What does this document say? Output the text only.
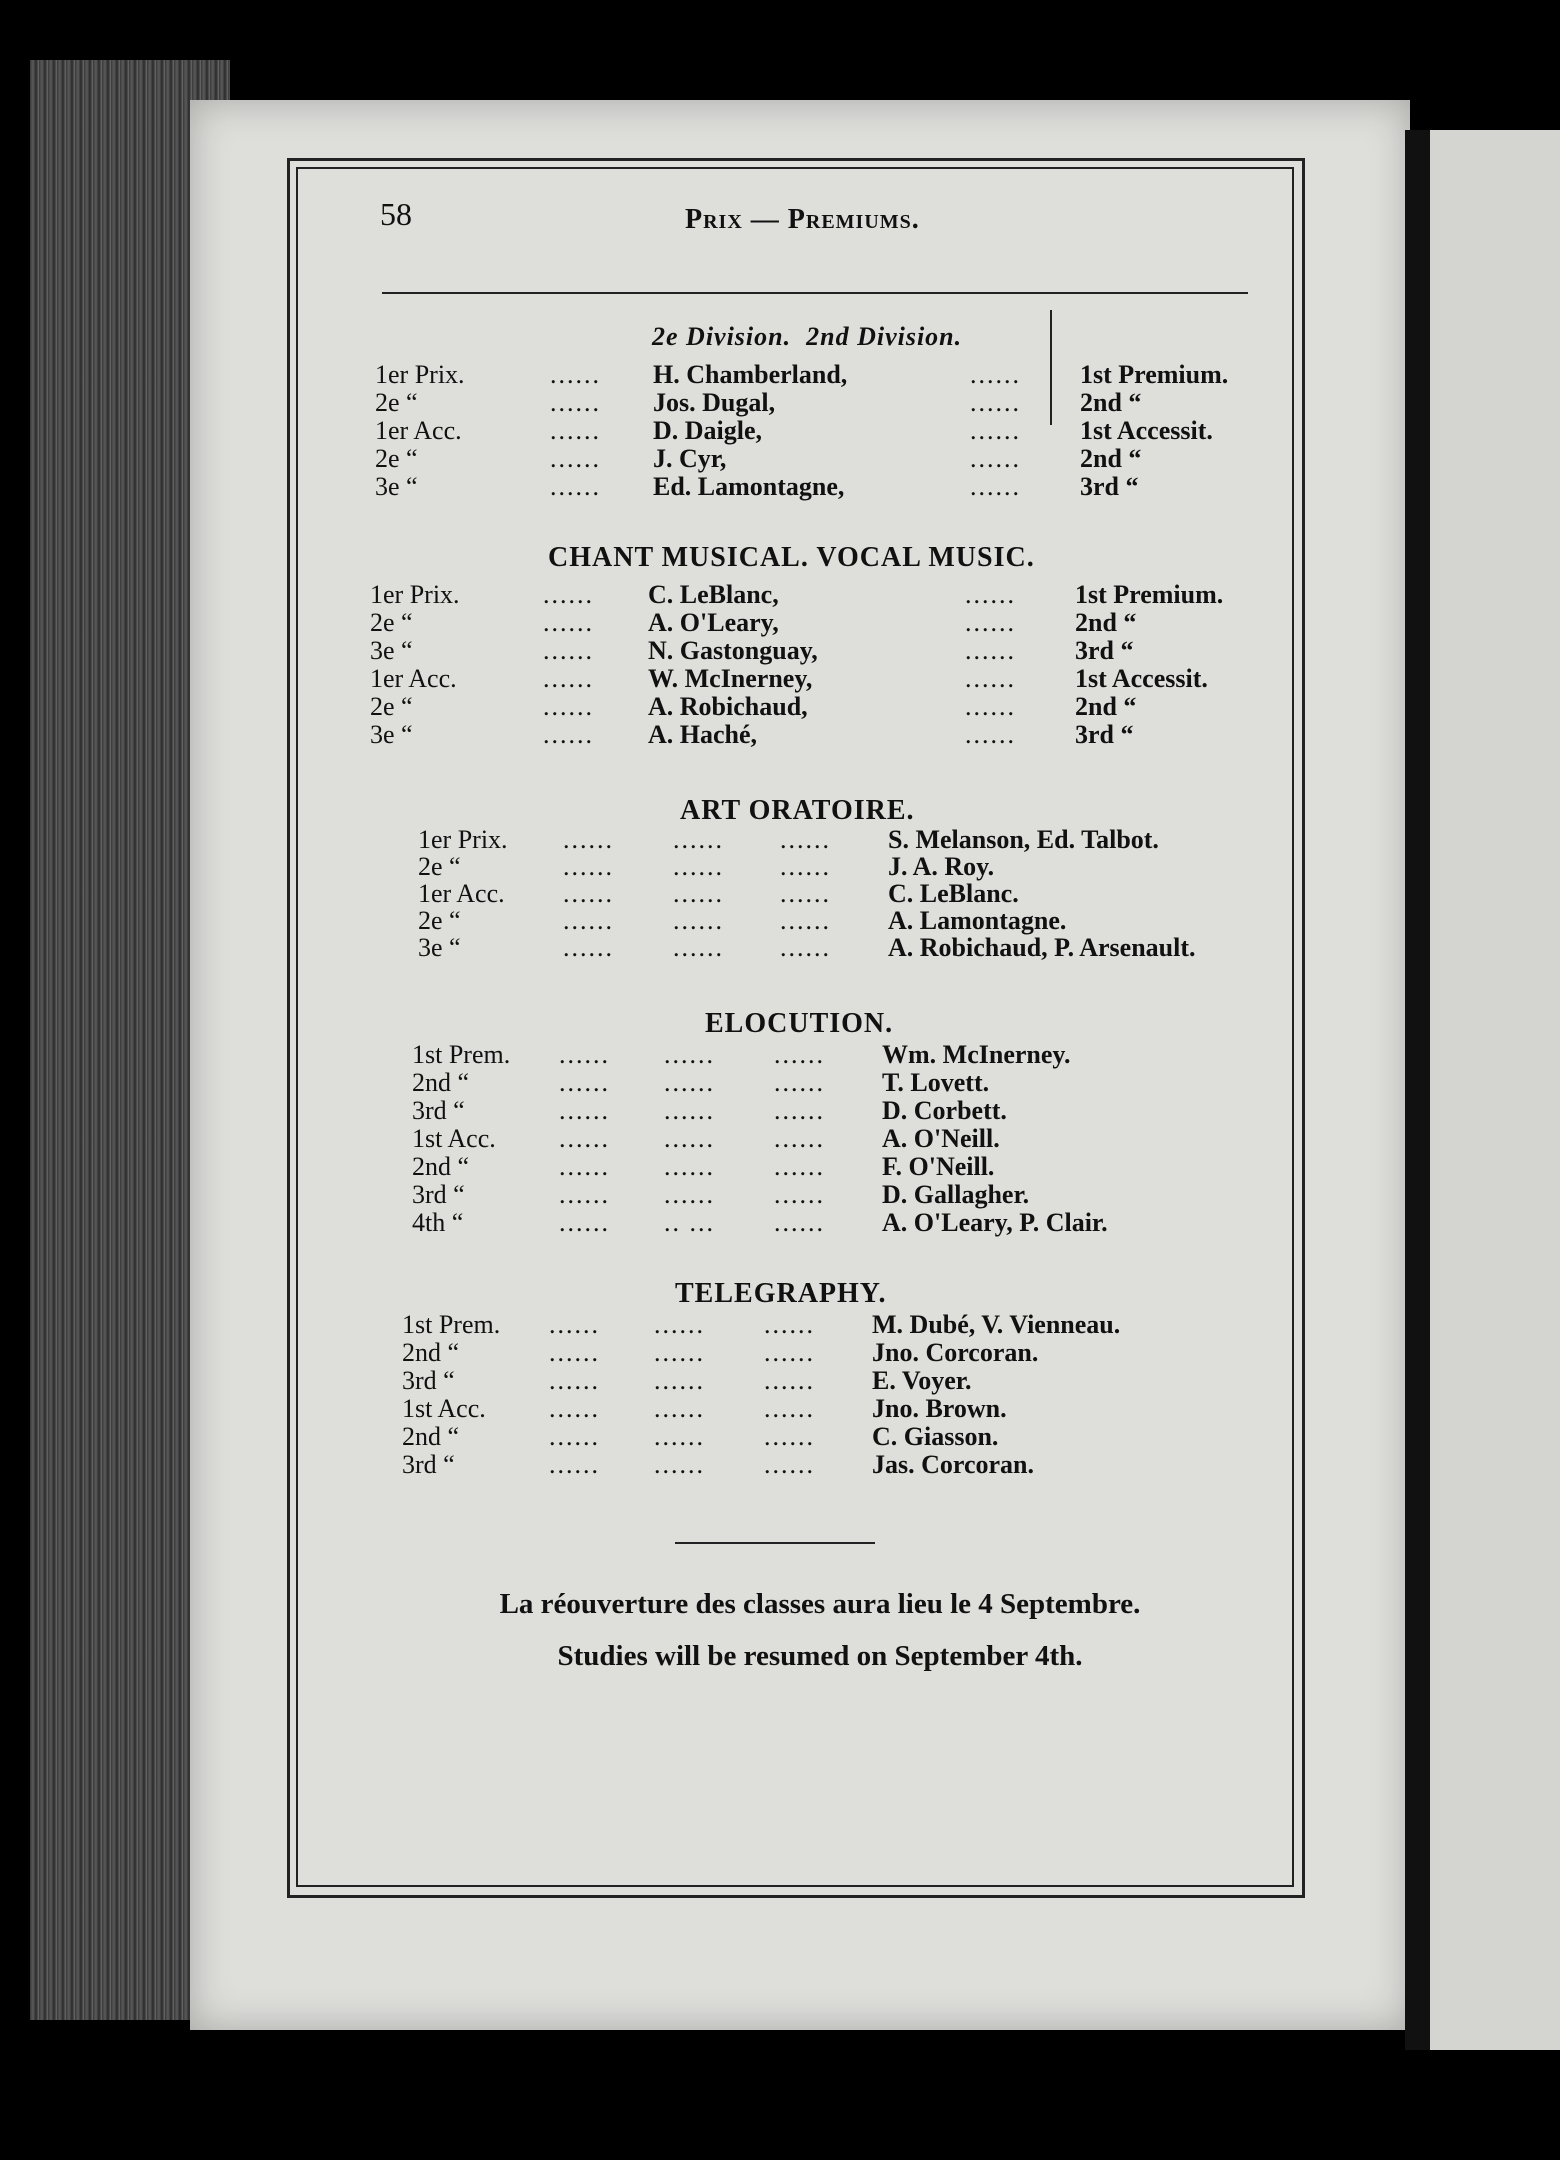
58	Prix — Premiums.
2e Division. 2nd Division.
1er Prix.	...... H. Chamberland,	...... 1st Premium.
2e “	...... Jos. Dugal,	...... 2nd “
1er Acc.	...... D. Daigle,	...... 1st Accessit.
2e “	...... J. Cyr,	...... 2nd “
3e “	...... Ed. Lamontagne,	...... 3rd “
CHANT MUSICAL. VOCAL MUSIC.
1er Prix.	...... C. LeBlanc,	...... 1st Premium.
2e “	...... A. O'Leary,	...... 2nd “
3e “	...... N. Gastonguay,	...... 3rd “
1er Acc.	...... W. McInerney,	...... 1st Accessit.
2e “	...... A. Robichaud,	...... 2nd “
3e “	...... A. Haché,	...... 3rd “
ART ORATOIRE.
1er Prix. ...... ...... ...... S. Melanson, Ed. Talbot.
2e “	...... ...... ...... J. A. Roy.
1er Acc. ...... ...... ...... C. LeBlanc.
2e “	...... ...... ...... A. Lamontagne.
3e “	...... ...... ...... A. Robichaud, P. Arsenault.
ELOCUTION.
1st Prem. ...... ...... ...... Wm. McInerney.
2nd “	...... ...... ...... T. Lovett.
3rd “	...... ...... ...... D. Corbett.
1st Acc. ...... ...... ...... A. O'Neill.
2nd “	...... ...... ...... F. O'Neill.
3rd “	...... ...... ...... D. Gallagher.
4th “	...... .. ... ...... A. O'Leary, P. Clair.
TELEGRAPHY.
1st Prem. ...... ...... ...... M. Dubé, V. Vienneau.
2nd “	...... ...... ...... Jno. Corcoran.
3rd “	...... ...... ...... E. Voyer.
1st Acc. ...... ...... ...... Jno. Brown.
2nd “	...... ...... ...... C. Giasson.
3rd “	...... ...... ...... Jas. Corcoran.
La réouverture des classes aura lieu le 4 Septembre.
Studies will be resumed on September 4th.
